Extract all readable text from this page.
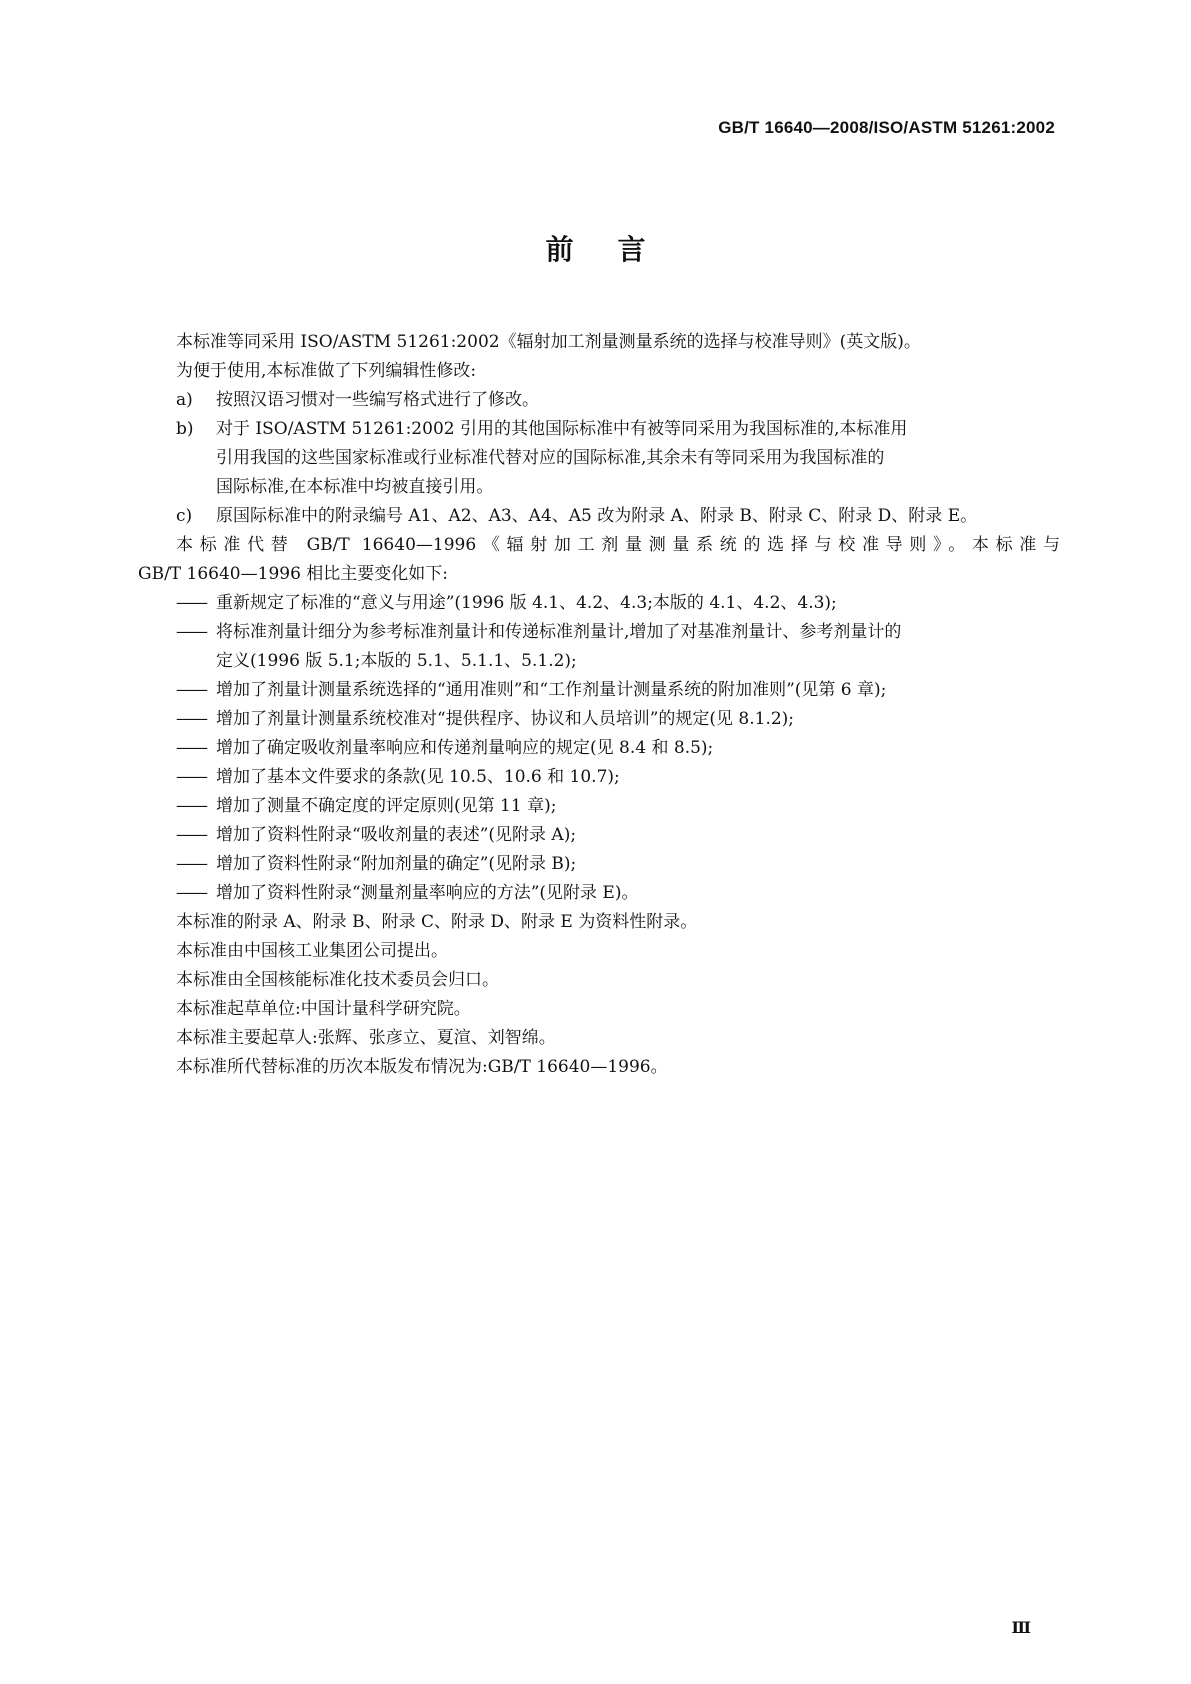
GB/T 16640—2008/ISO/ASTM 51261:2002
前言

本标准等同采用 ISO/ASTM 51261:2002《辐射加工剂量测量系统的选择与校准导则》(英文版)。

为便于使用,本标准做了下列编辑性修改:

a)	按照汉语习惯对一些编写格式进行了修改。
b)	对于 ISO/ASTM 51261:2002 引用的其他国际标准中有被等同采用为我国标准的,本标准用
引用我国的这些国家标准或行业标准代替对应的国际标准,其余未有等同采用为我国标准的
国际标准,在本标准中均被直接引用。
c)	原国际标准中的附录编号 A1、A2、A3、A4、A5 改为附录 A、附录 B、附录 C、附录 D、附录 E。

本标准代替 GB/T 16640—1996《辐射加工剂量测量系统的选择与校准导则》。本标准与

GB/T 16640—1996 相比主要变化如下:

—— 重新规定了标准的“意义与用途”(1996 版 4.1、4.2、4.3;本版的 4.1、4.2、4.3);
—— 将标准剂量计细分为参考标准剂量计和传递标准剂量计,增加了对基准剂量计、参考剂量计的
定义(1996 版 5.1;本版的 5.1、5.1.1、5.1.2);
—— 增加了剂量计测量系统选择的“通用准则”和“工作剂量计测量系统的附加准则”(见第 6 章);
—— 增加了剂量计测量系统校准对“提供程序、协议和人员培训”的规定(见 8.1.2);
—— 增加了确定吸收剂量率响应和传递剂量响应的规定(见 8.4 和 8.5);
—— 增加了基本文件要求的条款(见 10.5、10.6 和 10.7);
—— 增加了测量不确定度的评定原则(见第 11 章);
—— 增加了资料性附录“吸收剂量的表述”(见附录 A);
—— 增加了资料性附录“附加剂量的确定”(见附录 B);
—— 增加了资料性附录“测量剂量率响应的方法”(见附录 E)。

本标准的附录 A、附录 B、附录 C、附录 D、附录 E 为资料性附录。

本标准由中国核工业集团公司提出。

本标准由全国核能标准化技术委员会归口。

本标准起草单位:中国计量科学研究院。

本标准主要起草人:张辉、张彦立、夏渲、刘智绵。

本标准所代替标准的历次本版发布情况为:GB/T 16640—1996。

Ⅲ
